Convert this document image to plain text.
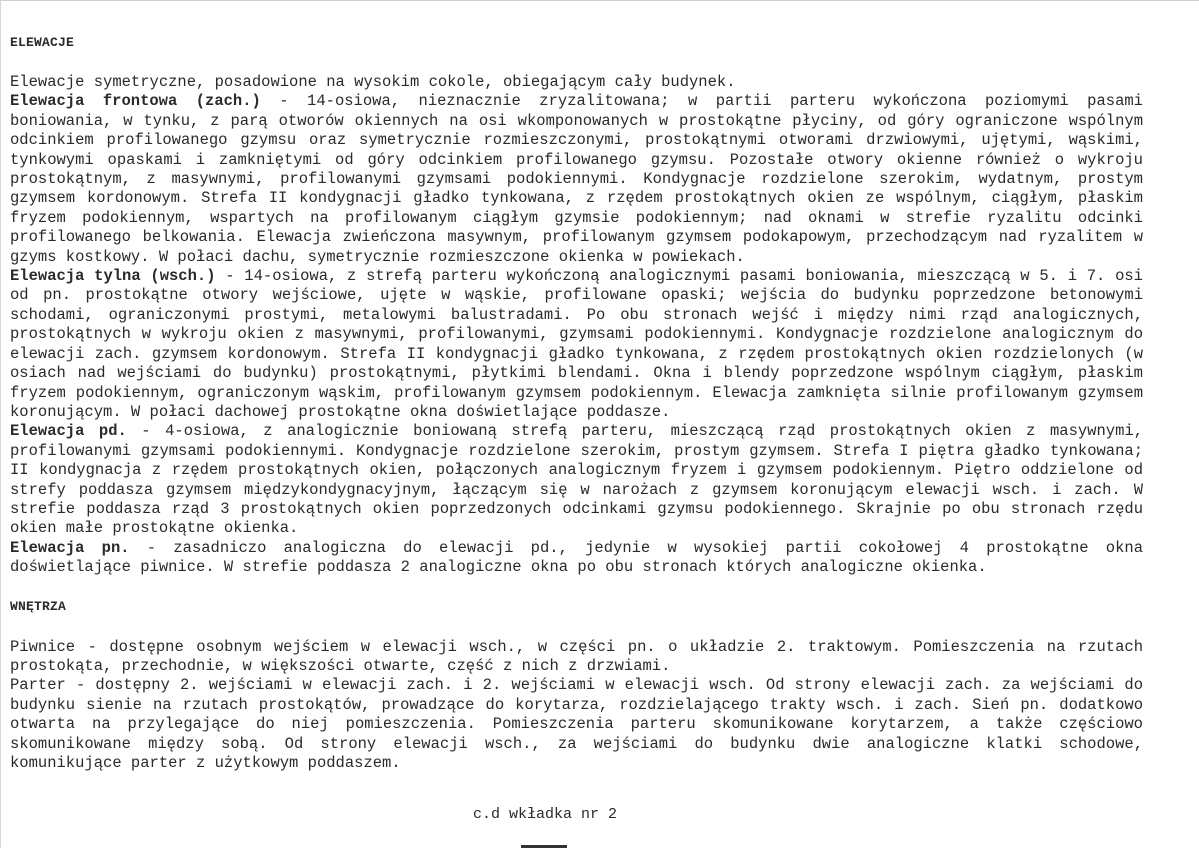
ELEWACJE

Elewacje symetryczne, posadowione na wysokim cokole, obiegającym cały budynek.

Elewacja frontowa (zach.) - 14-osiowa, nieznacznie zryzalitowana; w partii parteru wykończona poziomymi pasami boniowania, w tynku, z parą otworów okiennych na osi wkomponowanych w prostokątne płyciny, od góry ograniczone wspólnym odcinkiem profilowanego gzymsu oraz symetrycznie rozmieszczonymi, prostokątnymi otworami drzwiowymi, ujętymi, wąskimi, tynkowymi opaskami i zamkniętymi od góry odcinkiem profilowanego gzymsu. Pozostałe otwory okienne również o wykroju prostokątnym, z masywnymi, profilowanymi gzymsami podokiennymi. Kondygnacje rozdzielone szerokim, wydatnym, prostym gzymsem kordonowym. Strefa II kondygnacji gładko tynkowana, z rzędem prostokątnych okien ze wspólnym, ciągłym, płaskim fryzem podokiennym, wspartych na profilowanym ciągłym gzymsie podokiennym; nad oknami w strefie ryzalitu odcinki profilowanego belkowania. Elewacja zwieńczona masywnym, profilowanym gzymsem podokapowym, przechodzącym nad ryzalitem w gzyms kostkowy. W połaci dachu, symetrycznie rozmieszczone okienka w powiekach.

Elewacja tylna (wsch.) - 14-osiowa, z strefą parteru wykończoną analogicznymi pasami boniowania, mieszczącą w 5. i 7. osi od pn. prostokątne otwory wejściowe, ujęte w wąskie, profilowane opaski; wejścia do budynku poprzedzone betonowymi schodami, ograniczonymi prostymi, metalowymi balustradami. Po obu stronach wejść i między nimi rząd analogicznych, prostokątnych w wykroju okien z masywnymi, profilowanymi, gzymsami podokiennymi. Kondygnacje rozdzielone analogicznym do elewacji zach. gzymsem kordonowym. Strefa II kondygnacji gładko tynkowana, z rzędem prostokątnych okien rozdzielonych (w osiach nad wejściami do budynku) prostokątnymi, płytkimi blendami. Okna i blendy poprzedzone wspólnym ciągłym, płaskim fryzem podokiennym, ograniczonym wąskim, profilowanym gzymsem podokiennym. Elewacja zamknięta silnie profilowanym gzymsem koronującym. W połaci dachowej prostokątne okna doświetlające poddasze.

Elewacja pd. - 4-osiowa, z analogicznie boniowaną strefą parteru, mieszczącą rząd prostokątnych okien z masywnymi, profilowanymi gzymsami podokiennymi. Kondygnacje rozdzielone szerokim, prostym gzymsem. Strefa I piętra gładko tynkowana; II kondygnacja z rzędem prostokątnych okien, połączonych analogicznym fryzem i gzymsem podokiennym. Piętro oddzielone od strefy poddasza gzymsem międzykondygnacyjnym, łączącym się w narożach z gzymsem koronującym elewacji wsch. i zach. W strefie poddasza rząd 3 prostokątnych okien poprzedzonych odcinkami gzymsu podokiennego. Skrajnie po obu stronach rzędu okien małe prostokątne okienka.

Elewacja pn. - zasadniczo analogiczna do elewacji pd., jedynie w wysokiej partii cokołowej 4 prostokątne okna doświetlające piwnice. W strefie poddasza 2 analogiczne okna po obu stronach których analogiczne okienka.

WNĘTRZA

Piwnice - dostępne osobnym wejściem w elewacji wsch., w części pn. o układzie 2. traktowym. Pomieszczenia na rzutach prostokąta, przechodnie, w większości otwarte, część z nich z drzwiami.

Parter - dostępny 2. wejściami w elewacji zach. i 2. wejściami w elewacji wsch. Od strony elewacji zach. za wejściami do budynku sienie na rzutach prostokątów, prowadzące do korytarza, rozdzielającego trakty wsch. i zach. Sień pn. dodatkowo otwarta na przylegające do niej pomieszczenia. Pomieszczenia parteru skomunikowane korytarzem, a także częściowo skomunikowane między sobą. Od strony elewacji wsch., za wejściami do budynku dwie analogiczne klatki schodowe, komunikujące parter z użytkowym poddaszem.

c.d wkładka nr 2
